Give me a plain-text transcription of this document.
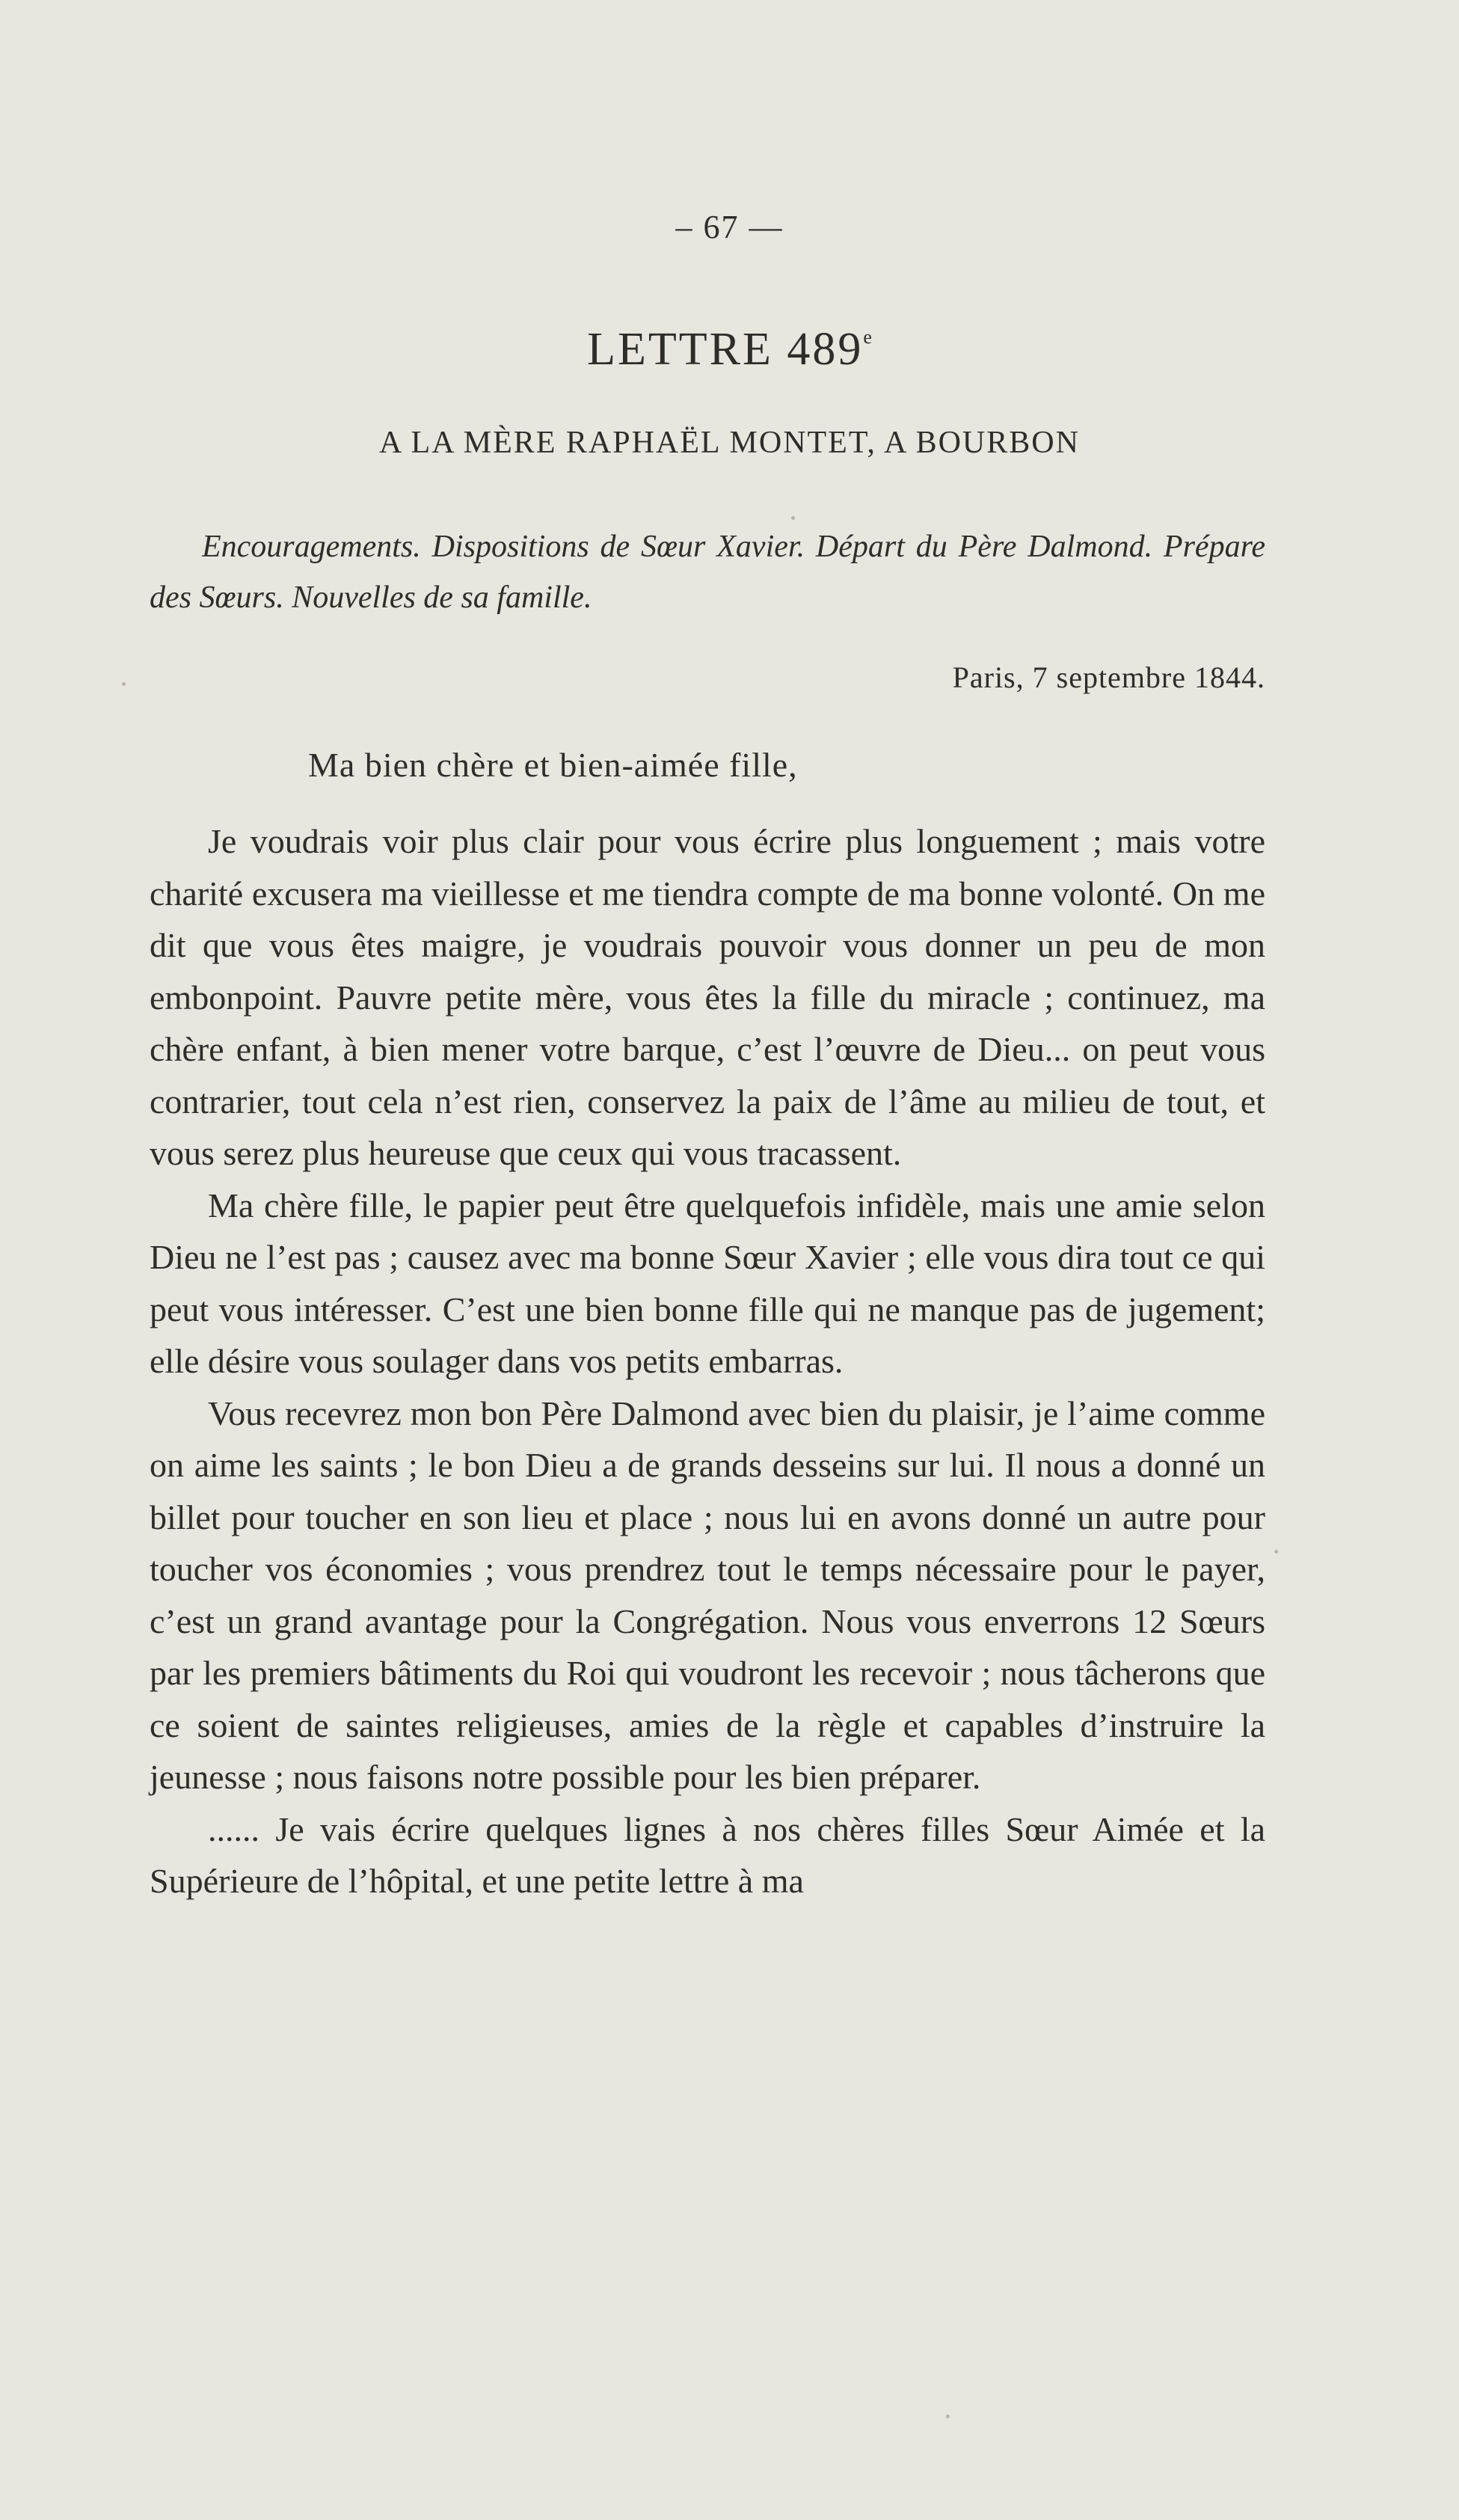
– 67 —
LETTRE 489e
A LA MÈRE RAPHAËL MONTET, A BOURBON

Encouragements. Dispositions de Sœur Xavier. Départ du Père Dalmond. Prépare des Sœurs. Nouvelles de sa famille.

Paris, 7 septembre 1844.
Ma bien chère et bien-aimée fille,

Je voudrais voir plus clair pour vous écrire plus longuement ; mais votre charité excusera ma vieillesse et me tiendra compte de ma bonne volonté. On me dit que vous êtes maigre, je voudrais pouvoir vous donner un peu de mon embonpoint. Pauvre petite mère, vous êtes la fille du miracle ; continuez, ma chère enfant, à bien mener votre barque, c’est l’œuvre de Dieu... on peut vous contrarier, tout cela n’est rien, conservez la paix de l’âme au milieu de tout, et vous serez plus heureuse que ceux qui vous tracassent.

Ma chère fille, le papier peut être quelquefois infidèle, mais une amie selon Dieu ne l’est pas ; causez avec ma bonne Sœur Xavier ; elle vous dira tout ce qui peut vous intéresser. C’est une bien bonne fille qui ne manque pas de jugement; elle désire vous soulager dans vos petits embarras.

Vous recevrez mon bon Père Dalmond avec bien du plaisir, je l’aime comme on aime les saints ; le bon Dieu a de grands desseins sur lui. Il nous a donné un billet pour toucher en son lieu et place ; nous lui en avons donné un autre pour toucher vos économies ; vous prendrez tout le temps nécessaire pour le payer, c’est un grand avantage pour la Congrégation. Nous vous enverrons 12 Sœurs par les premiers bâtiments du Roi qui voudront les recevoir ; nous tâcherons que ce soient de saintes religieuses, amies de la règle et capables d’instruire la jeunesse ; nous faisons notre possible pour les bien préparer.

...... Je vais écrire quelques lignes à nos chères filles Sœur Aimée et la Supérieure de l’hôpital, et une petite lettre à ma
